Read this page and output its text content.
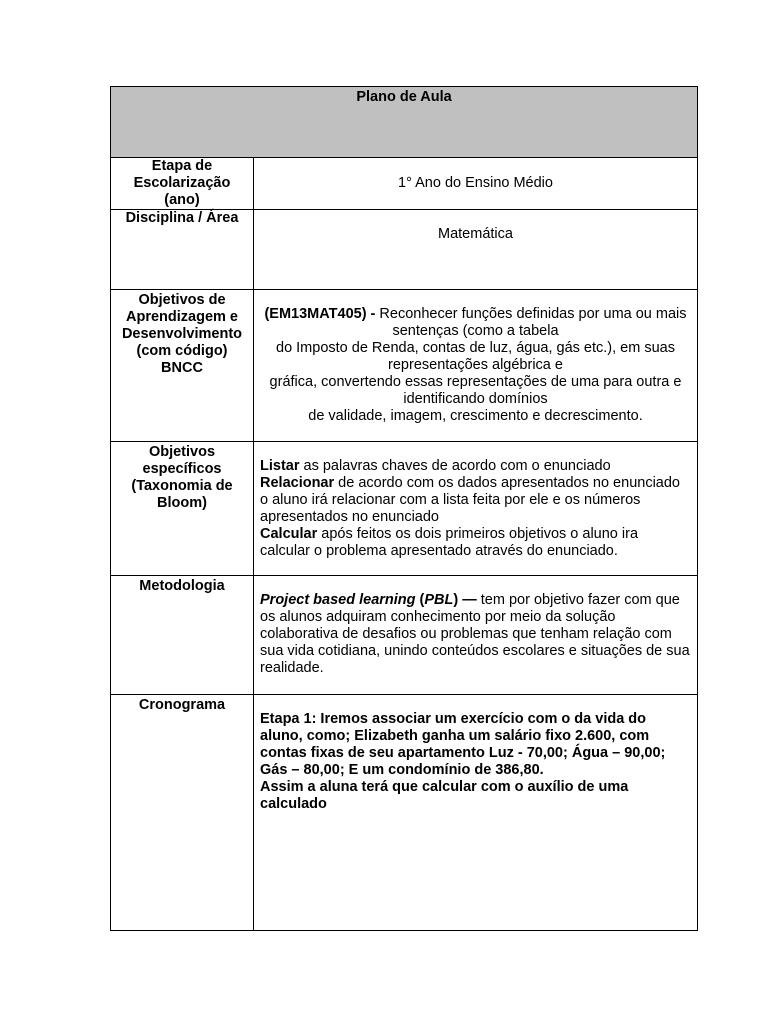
Plano de Aula	
Etapa de Escolarização (ano)	1° Ano do Ensino Médio
Disciplina / Área	Matemática
Objetivos de Aprendizagem e Desenvolvimento (com código) BNCC	(EM13MAT405) - Reconhecer funções definidas por uma ou mais sentenças (como a tabela
do Imposto de Renda, contas de luz, água, gás etc.), em suas representações algébrica e
gráfica, convertendo essas representações de uma para outra e identificando domínios
de validade, imagem, crescimento e decrescimento.

Objetivos específicos (Taxonomia de Bloom)	Listar as palavras chaves de acordo com o enunciado
Relacionar de acordo com os dados apresentados no enunciado o aluno irá relacionar com a lista feita por ele e os números apresentados no enunciado
Calcular após feitos os dois primeiros objetivos o aluno ira calcular o problema apresentado através do enunciado.

Metodologia	Project based learning (PBL) — tem por objetivo fazer com que os alunos adquiram conhecimento por meio da solução colaborativa de desafios ou problemas que tenham relação com sua vida cotidiana, unindo conteúdos escolares e situações de sua realidade.
Cronograma	Etapa 1: Iremos associar um exercício com o da vida do aluno, como; Elizabeth ganha um salário fixo 2.600, com contas fixas de seu apartamento Luz - 70,00; Água – 90,00; Gás – 80,00; E um condomínio de 386,80.
Assim a aluna terá que calcular com o auxílio de uma calculado
